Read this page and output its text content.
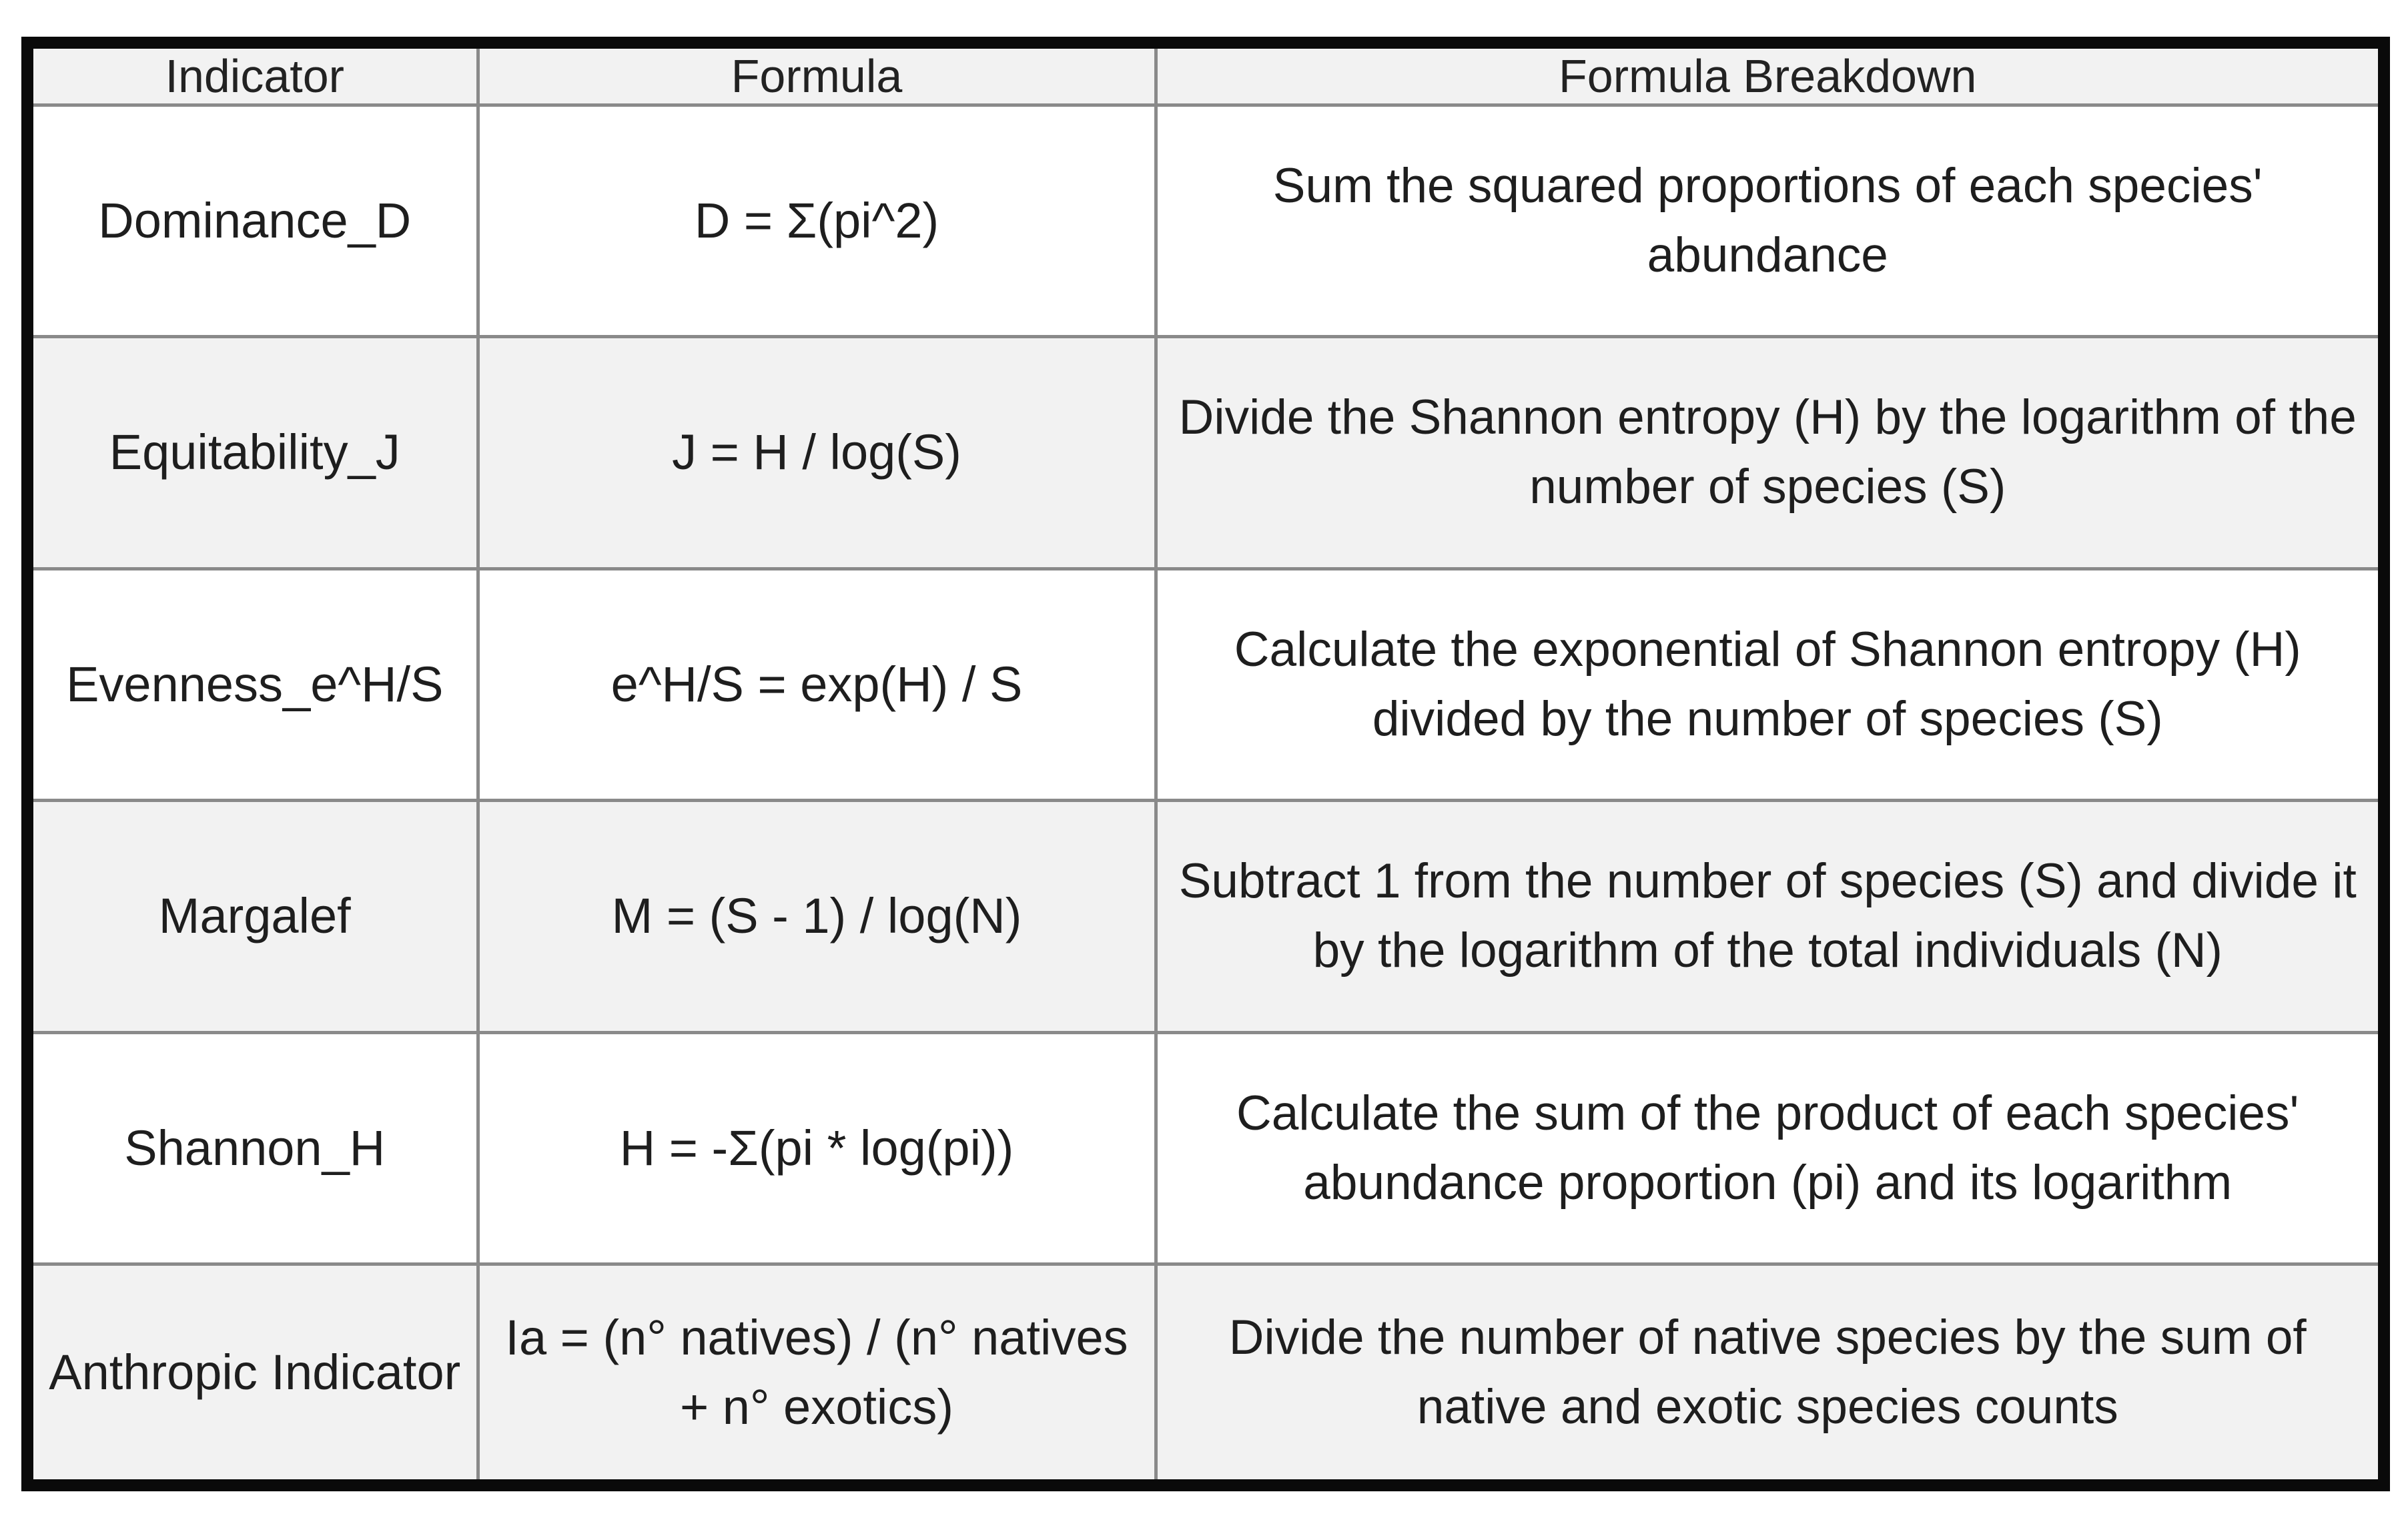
Indicator	Formula	Formula Breakdown

Dominance_D	D = Σ(pi^2)	Sum the squared proportions of each species' abundance

Equitability_J	J = H / log(S)	Divide the Shannon entropy (H) by the logarithm of the number of species (S)

Evenness_e^H/S	e^H/S = exp(H) / S	Calculate the exponential of Shannon entropy (H) divided by the number of species (S)

Margalef	M = (S - 1) / log(N)	Subtract 1 from the number of species (S) and divide it by the logarithm of the total individuals (N)

Shannon_H	H = -Σ(pi * log(pi))	Calculate the sum of the product of each species' abundance proportion (pi) and its logarithm

Anthropic Indicator	Ia = (n° natives) / (n° natives + n° exotics)	Divide the number of native species by the sum of native and exotic species counts
